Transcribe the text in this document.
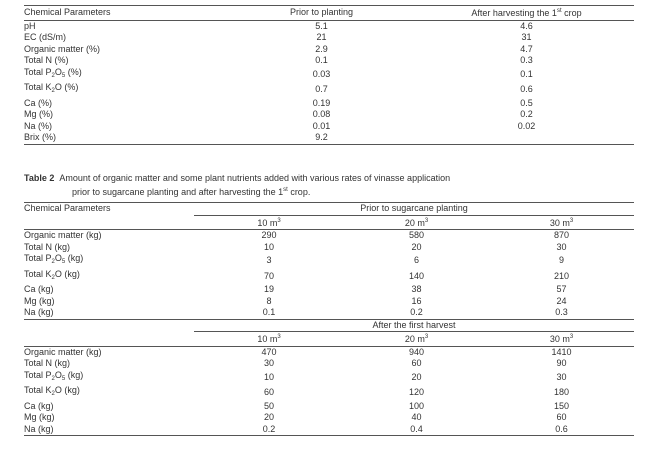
Chemical Parameters	Prior to planting	After harvesting the 1st crop
pH	5.1	4.6
EC (dS/m)	21	31
Organic matter (%)	2.9	4.7
Total N (%)	0.1	0.3
Total $P_2O_5$ (%)	0.03	0.1
Total $K_2O$ (%)	0.7	0.6
Ca (%)	0.19	0.5
Mg (%)	0.08	0.2
Na (%)	0.01	0.02
Brix (%)	9.2	
Table 2 Amount of organic matter and some plant nutrients added with various rates of vinasse application
prior to sugarcane planting and after harvesting the 1st crop.
Chemical Parameters	Prior to sugarcane planting		
	10 $m^3$	20 $m^3$	30 $m^3$
Organic matter (kg)	290	580	870
Total N (kg)	10	20	30
Total $P_2O_5$ (kg)	3	6	9
Total $K_2O$ (kg)	70	140	210
Ca (kg)	19	38	57
Mg (kg)	8	16	24
Na (kg)	0.1	0.2	0.3
	After the first harvest		
	10 $m^3$	20 $m^3$	30 $m^3$
Organic matter (kg)	470	940	1410
Total N (kg)	30	60	90
Total $P_2O_5$ (kg)	10	20	30
Total $K_2O$ (kg)	60	120	180
Ca (kg)	50	100	150
Mg (kg)	20	40	60
Na (kg)	0.2	0.4	0.6
